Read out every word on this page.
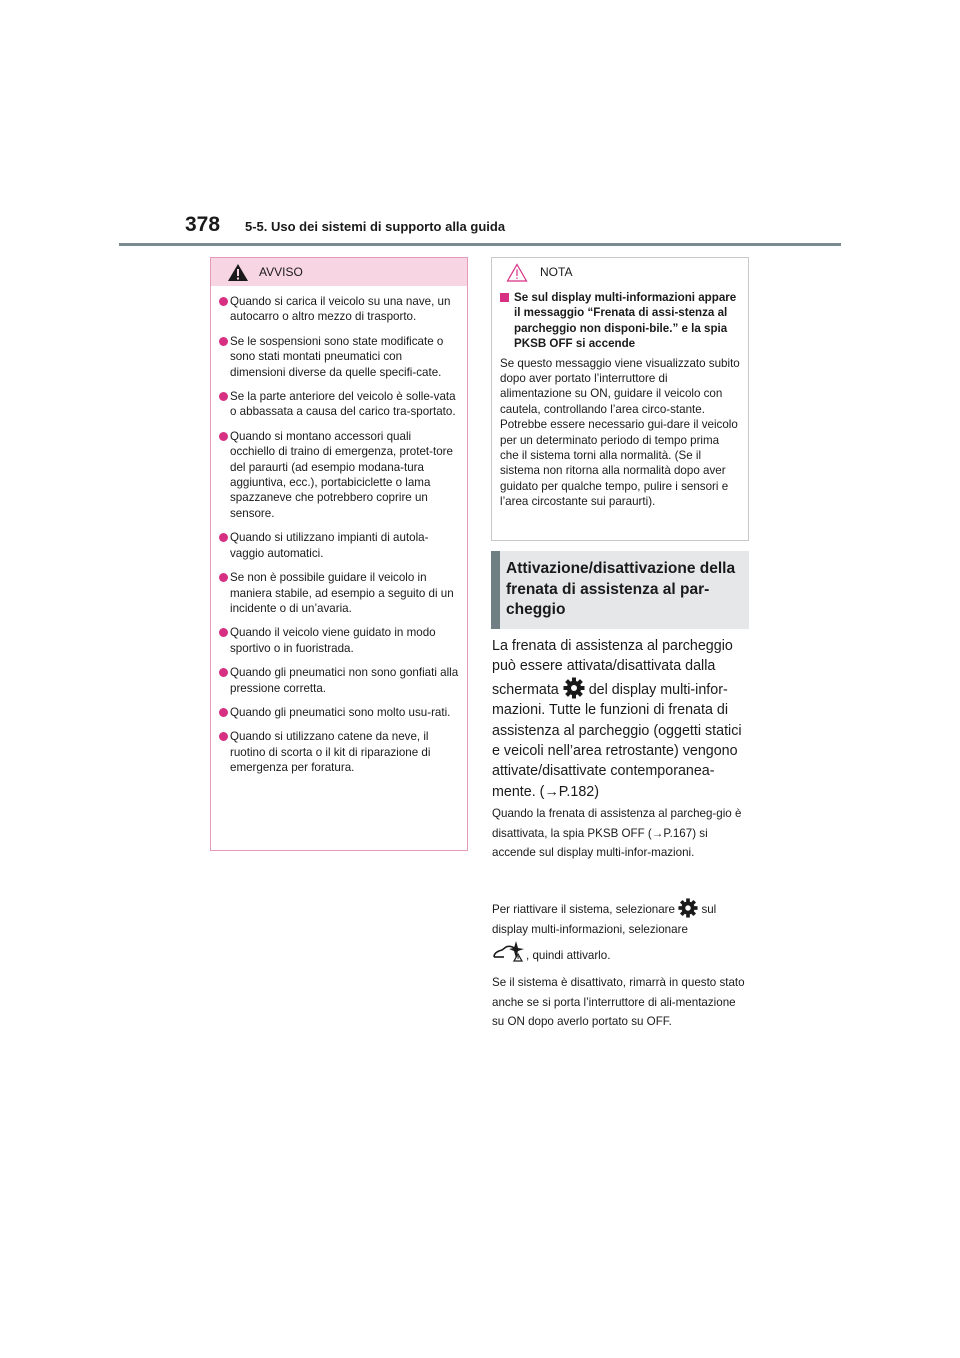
378 5-5. Uso dei sistemi di supporto alla guida
AVVISO
Quando si carica il veicolo su una nave, un autocarro o altro mezzo di trasporto.
Se le sospensioni sono state modificate o sono stati montati pneumatici con dimensioni diverse da quelle specifi-cate.
Se la parte anteriore del veicolo è solle-vata o abbassata a causa del carico tra-sportato.
Quando si montano accessori quali occhiello di traino di emergenza, protet-tore del paraurti (ad esempio modana-tura aggiuntiva, ecc.), portabiciclette o lama spazzaneve che potrebbero coprire un sensore.
Quando si utilizzano impianti di autola-vaggio automatici.
Se non è possibile guidare il veicolo in maniera stabile, ad esempio a seguito di un incidente o di un’avaria.
Quando il veicolo viene guidato in modo sportivo o in fuoristrada.
Quando gli pneumatici non sono gonfiati alla pressione corretta.
Quando gli pneumatici sono molto usu-rati.
Quando si utilizzano catene da neve, il ruotino di scorta o il kit di riparazione di emergenza per foratura.
NOTA
Se sul display multi-informazioni appare il messaggio “Frenata di assi-stenza al parcheggio non disponi-bile.” e la spia PKSB OFF si accende
Se questo messaggio viene visualizzato subito dopo aver portato l’interruttore di alimentazione su ON, guidare il veicolo con cautela, controllando l’area circo-stante. Potrebbe essere necessario gui-dare il veicolo per un determinato periodo di tempo prima che il sistema torni alla normalità. (Se il sistema non ritorna alla normalità dopo aver guidato per qualche tempo, pulire i sensori e l’area circostante sui paraurti).
Attivazione/disattivazione della frenata di assistenza al par-cheggio
La frenata di assistenza al parcheggio può essere attivata/disattivata dalla schermata  del display multi-infor-mazioni. Tutte le funzioni di frenata di assistenza al parcheggio (oggetti statici e veicoli nell’area retrostante) vengono attivate/disattivate contemporanea-mente. (→P.182)
Quando la frenata di assistenza al parcheg-gio è disattivata, la spia PKSB OFF (→P.167) si accende sul display multi-infor-mazioni.
Per riattivare il sistema, selezionare  sul display multi-informazioni, selezionare
, quindi attivarlo.
Se il sistema è disattivato, rimarrà in questo stato anche se si porta l’interruttore di ali-mentazione su ON dopo averlo portato su OFF.
